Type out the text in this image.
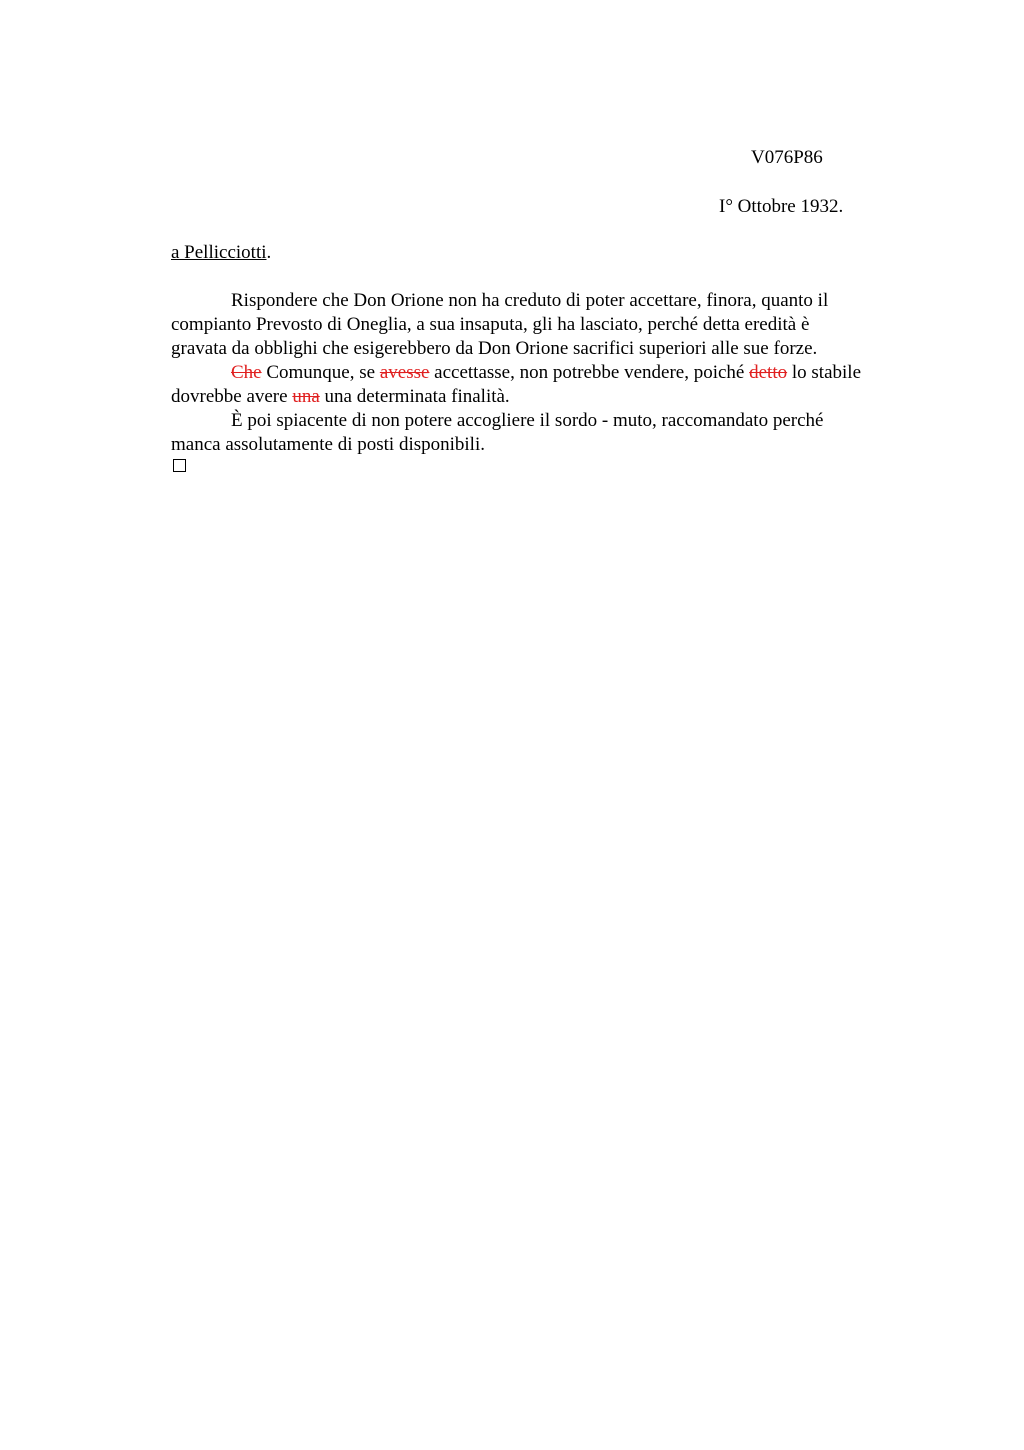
V076P86
I° Ottobre 1932.
a Pellicciotti.
Rispondere che Don Orione non ha creduto di poter accettare, finora, quanto il
compianto Prevosto di Oneglia, a sua insaputa, gli ha lasciato, perché detta eredità è
gravata da obblighi che esigerebbero da Don Orione sacrifici superiori alle sue forze.
Che Comunque, se avesse accettasse, non potrebbe vendere, poiché detto lo stabile
dovrebbe avere una una determinata finalità.
È poi spiacente di non potere accogliere il sordo - muto, raccomandato perché
manca assolutamente di posti disponibili.
